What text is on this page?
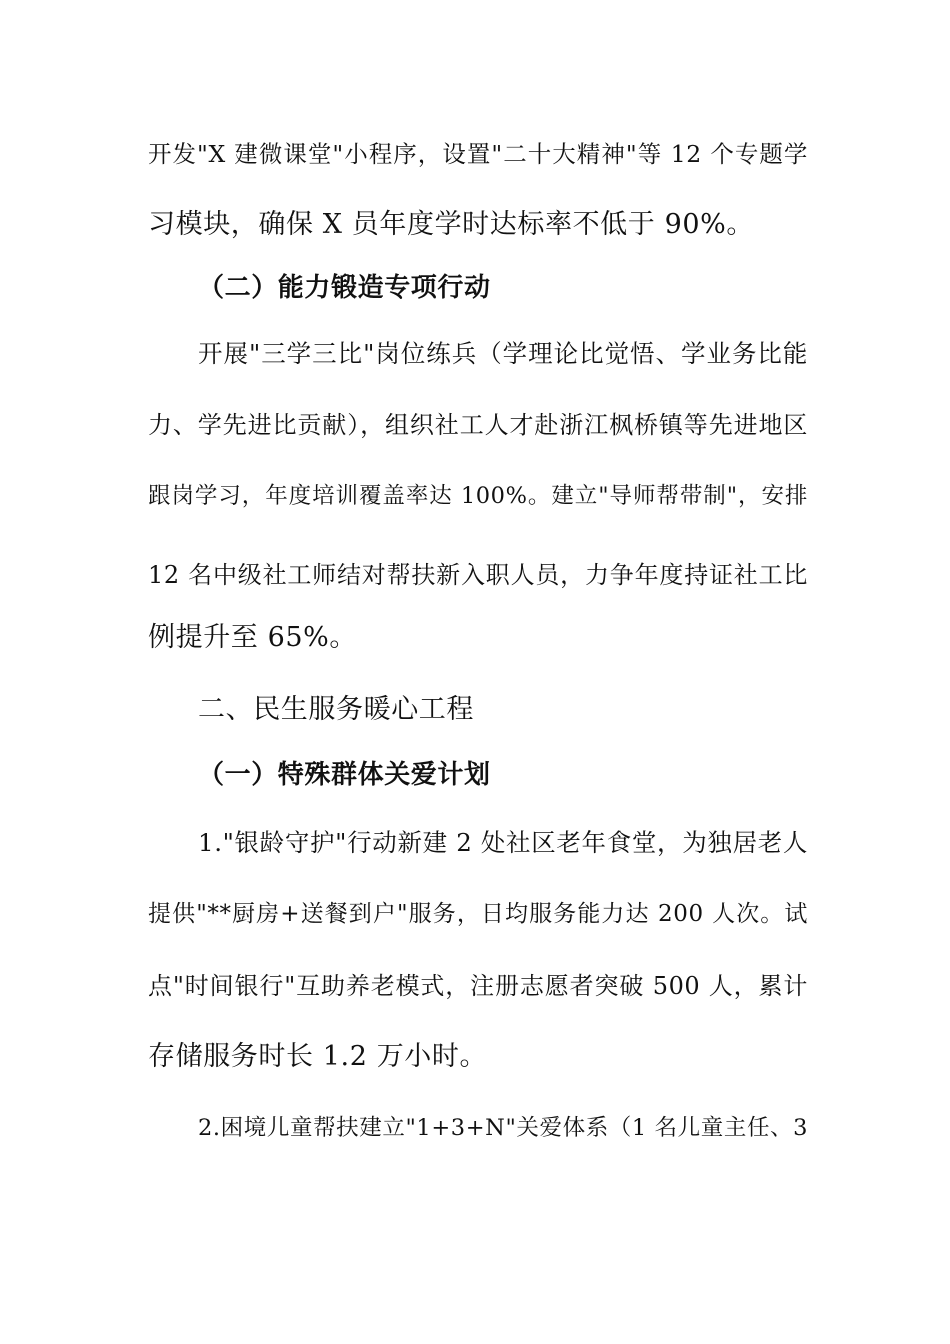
开发"X 建微课堂"小程序，设置"二十大精神"等 12 个专题学
习模块，确保 X 员年度学时达标率不低于 90%。
（二）能力锻造专项行动
开展"三学三比"岗位练兵（学理论比觉悟、学业务比能
力、学先进比贡献），组织社工人才赴浙江枫桥镇等先进地区
跟岗学习，年度培训覆盖率达 100%。建立"导师帮带制"，安排
12 名中级社工师结对帮扶新入职人员，力争年度持证社工比
例提升至 65%。
二、民生服务暖心工程
（一）特殊群体关爱计划
1."银龄守护"行动新建 2 处社区老年食堂，为独居老人
提供"**厨房+送餐到户"服务，日均服务能力达 200 人次。试
点"时间银行"互助养老模式，注册志愿者突破 500 人，累计
存储服务时长 1.2 万小时。
2.困境儿童帮扶建立"1+3+N"关爱体系（1 名儿童主任、3
